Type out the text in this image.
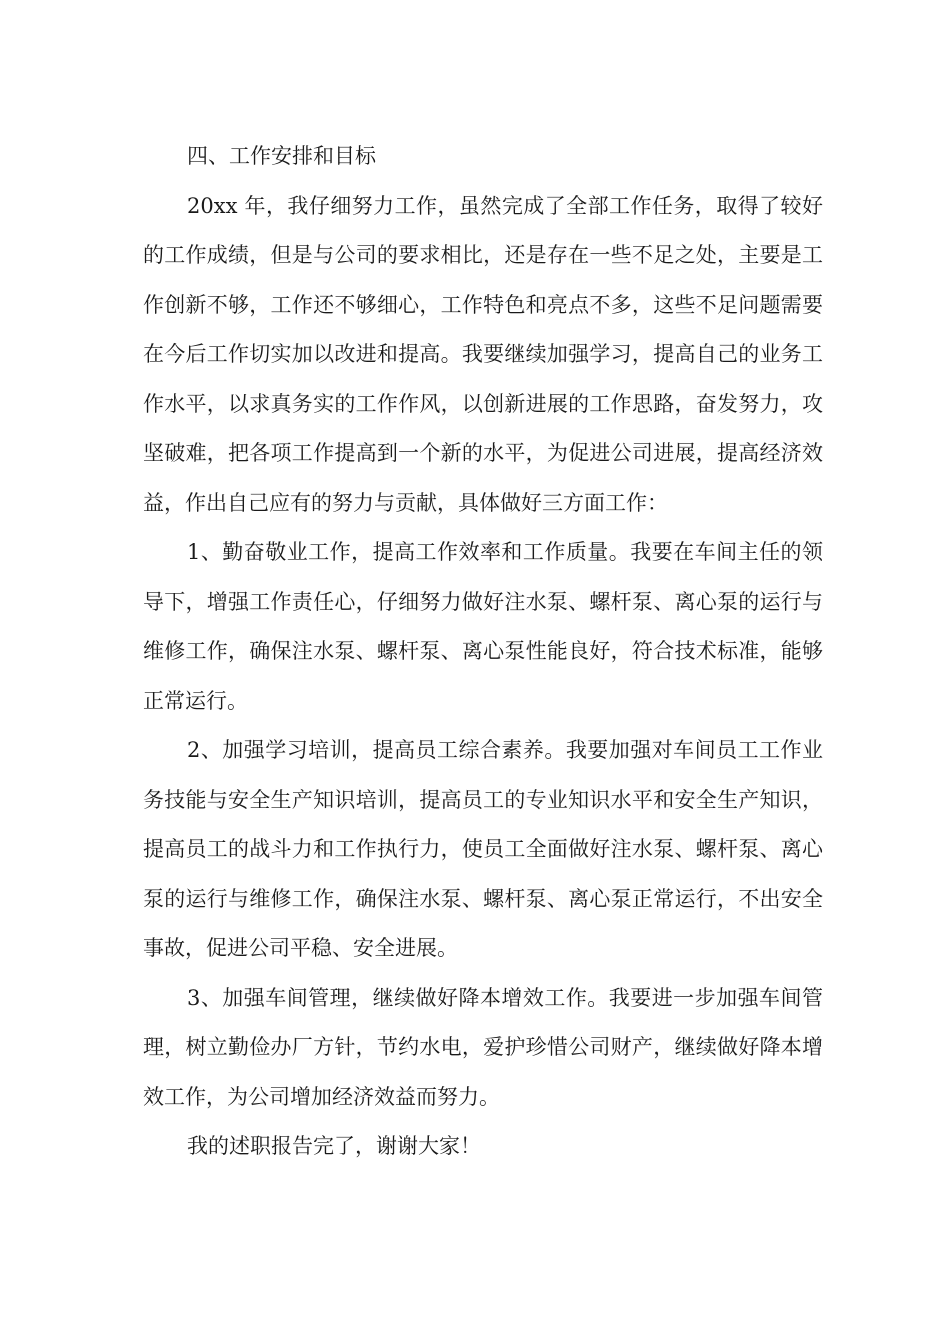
四、工作安排和目标

20xx 年，我仔细努力工作，虽然完成了全部工作任务，取得了较好的工作成绩，但是与公司的要求相比，还是存在一些不足之处，主要是工作创新不够，工作还不够细心，工作特色和亮点不多，这些不足问题需要在今后工作切实加以改进和提高。我要继续加强学习，提高自己的业务工作水平，以求真务实的工作作风，以创新进展的工作思路，奋发努力，攻坚破难，把各项工作提高到一个新的水平，为促进公司进展，提高经济效益，作出自己应有的努力与贡献，具体做好三方面工作：

1、勤奋敬业工作，提高工作效率和工作质量。我要在车间主任的领导下，增强工作责任心，仔细努力做好注水泵、螺杆泵、离心泵的运行与维修工作，确保注水泵、螺杆泵、离心泵性能良好，符合技术标准，能够正常运行。

2、加强学习培训，提高员工综合素养。我要加强对车间员工工作业务技能与安全生产知识培训，提高员工的专业知识水平和安全生产知识，提高员工的战斗力和工作执行力，使员工全面做好注水泵、螺杆泵、离心泵的运行与维修工作，确保注水泵、螺杆泵、离心泵正常运行，不出安全事故，促进公司平稳、安全进展。

3、加强车间管理，继续做好降本增效工作。我要进一步加强车间管理，树立勤俭办厂方针，节约水电，爱护珍惜公司财产，继续做好降本增效工作，为公司增加经济效益而努力。

我的述职报告完了，谢谢大家！
